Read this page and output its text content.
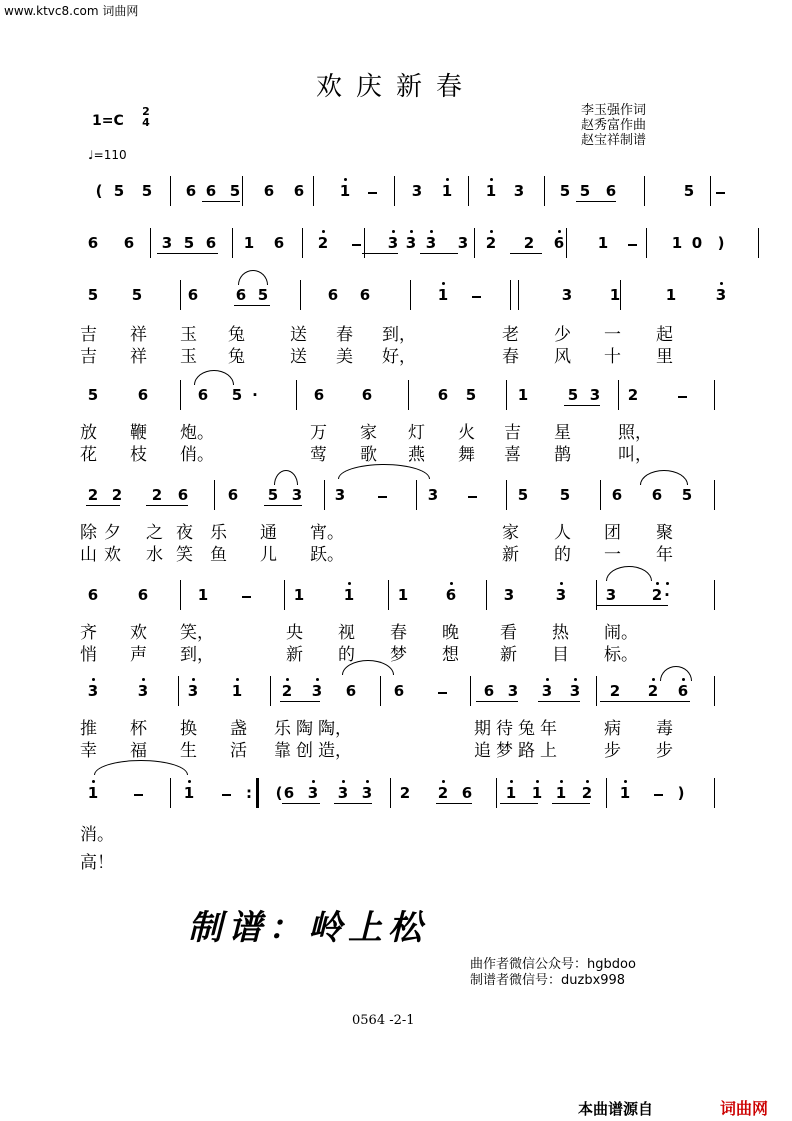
www.ktvc8.com 词曲网
欢庆新春
1=C
2
4
♩=110
李玉强作词
赵秀富作曲
赵宝祥制谱
( 5 5 6 6 5 6 6 1	3 1 1 3 5 5 6	5
6 6 3 5 6 1 6 2	3 3 3 3 2 2 6 1	1 0 )
5 5	6	6 5	6 6	1	3	1	1	3
5	6	6 5 ·	6	6	6 5	1	5 3 2
2 2 2 6	6 5 3 3	3	5 5	6 6 5
6	6	1	1	1	1	6	3	3	3 2 ·
3	3	3 1	2 3 6	6	6 3 3 3 2 2 6
1	1	: ( 6 3 3 3 2 2 6 1 1 1 2 1	)
吉 祥 玉 兔	送 春 到，	老 少 一 起
吉 祥 玉 兔	送 美 好，	春 风 十 里
放 鞭 炮。	万 家 灯 火 吉 星	照，
花 枝 俏。	莺 歌 燕 舞 喜 鹊	叫，
除 夕 之 夜 乐 通 宵。	家 人 团 聚
山 欢 水 笑 鱼 儿 跃。	新 的 一 年
齐 欢 笑，	央 视 春 晚 看 热 闹。
悄 声 到，	新 的 梦 想 新 目 标。
推 杯 换 盏 乐 陶 陶，	期 待 兔 年	病 毒
幸 福 生 活 靠 创 造，	追 梦 路 上	步 步
消。
高！
制谱：岭上松
曲作者微信公众号：hgbdoo
制谱者微信号：duzbx998
0564 -2-1
本曲谱源自	词曲网
